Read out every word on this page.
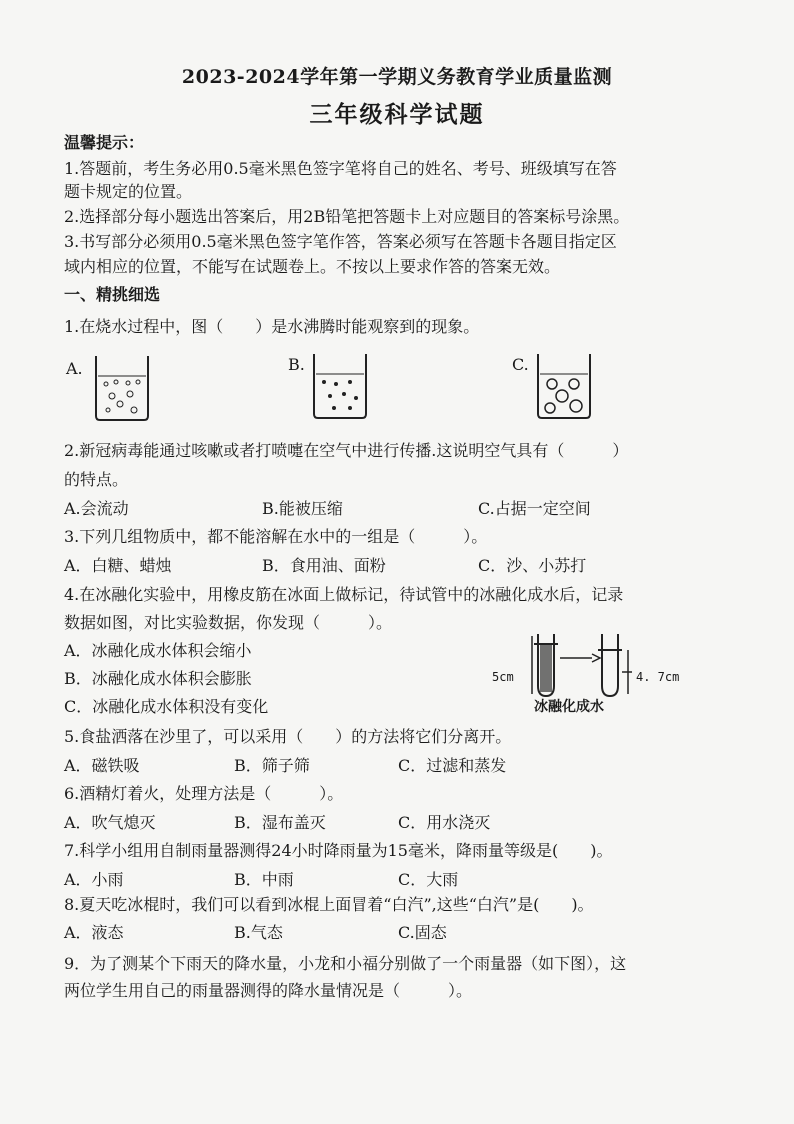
2023-2024学年第一学期义务教育学业质量监测
三年级科学试题
温馨提示：
1.答题前，考生务必用0.5毫米黑色签字笔将自己的姓名、考号、班级填写在答
题卡规定的位置。
2.选择部分每小题选出答案后，用2B铅笔把答题卡上对应题目的答案标号涂黑。
3.书写部分必须用0.5毫米黑色签字笔作答，答案必须写在答题卡各题目指定区
域内相应的位置，不能写在试题卷上。不按以上要求作答的答案无效。
一、精挑细选
1.在烧水过程中，图（　　）是水沸腾时能观察到的现象。
A.	B.	C.
2.新冠病毒能通过咳嗽或者打喷嚏在空气中进行传播.这说明空气具有（　　　）
的特点。
A.会流动	B.能被压缩	C.占据一定空间
3.下列几组物质中，都不能溶解在水中的一组是（　　　）。
A．白糖、蜡烛	B．食用油、面粉	C．沙、小苏打
4.在冰融化实验中，用橡皮筋在冰面上做标记，待试管中的冰融化成水后，记录
数据如图，对比实验数据，你发现（　　　）。
A．冰融化成水体积会缩小
B．冰融化成水体积会膨胀
C．冰融化成水体积没有变化
5cm	4. 7cm
冰融化成水
5.食盐洒落在沙里了，可以采用（　　）的方法将它们分离开。
A．磁铁吸	B．筛子筛	C．过滤和蒸发
6.酒精灯着火，处理方法是（　　　）。
A．吹气熄灭	B．湿布盖灭	C．用水浇灭
7.科学小组用自制雨量器测得24小时降雨量为15毫米，降雨量等级是(　　)。
A．小雨	B．中雨	C．大雨
8.夏天吃冰棍时，我们可以看到冰棍上面冒着“白汽”,这些“白汽”是(　　)。
A．液态	B.气态	C.固态
9．为了测某个下雨天的降水量，小龙和小福分别做了一个雨量器（如下图），这
两位学生用自己的雨量器测得的降水量情况是（　　　）。
